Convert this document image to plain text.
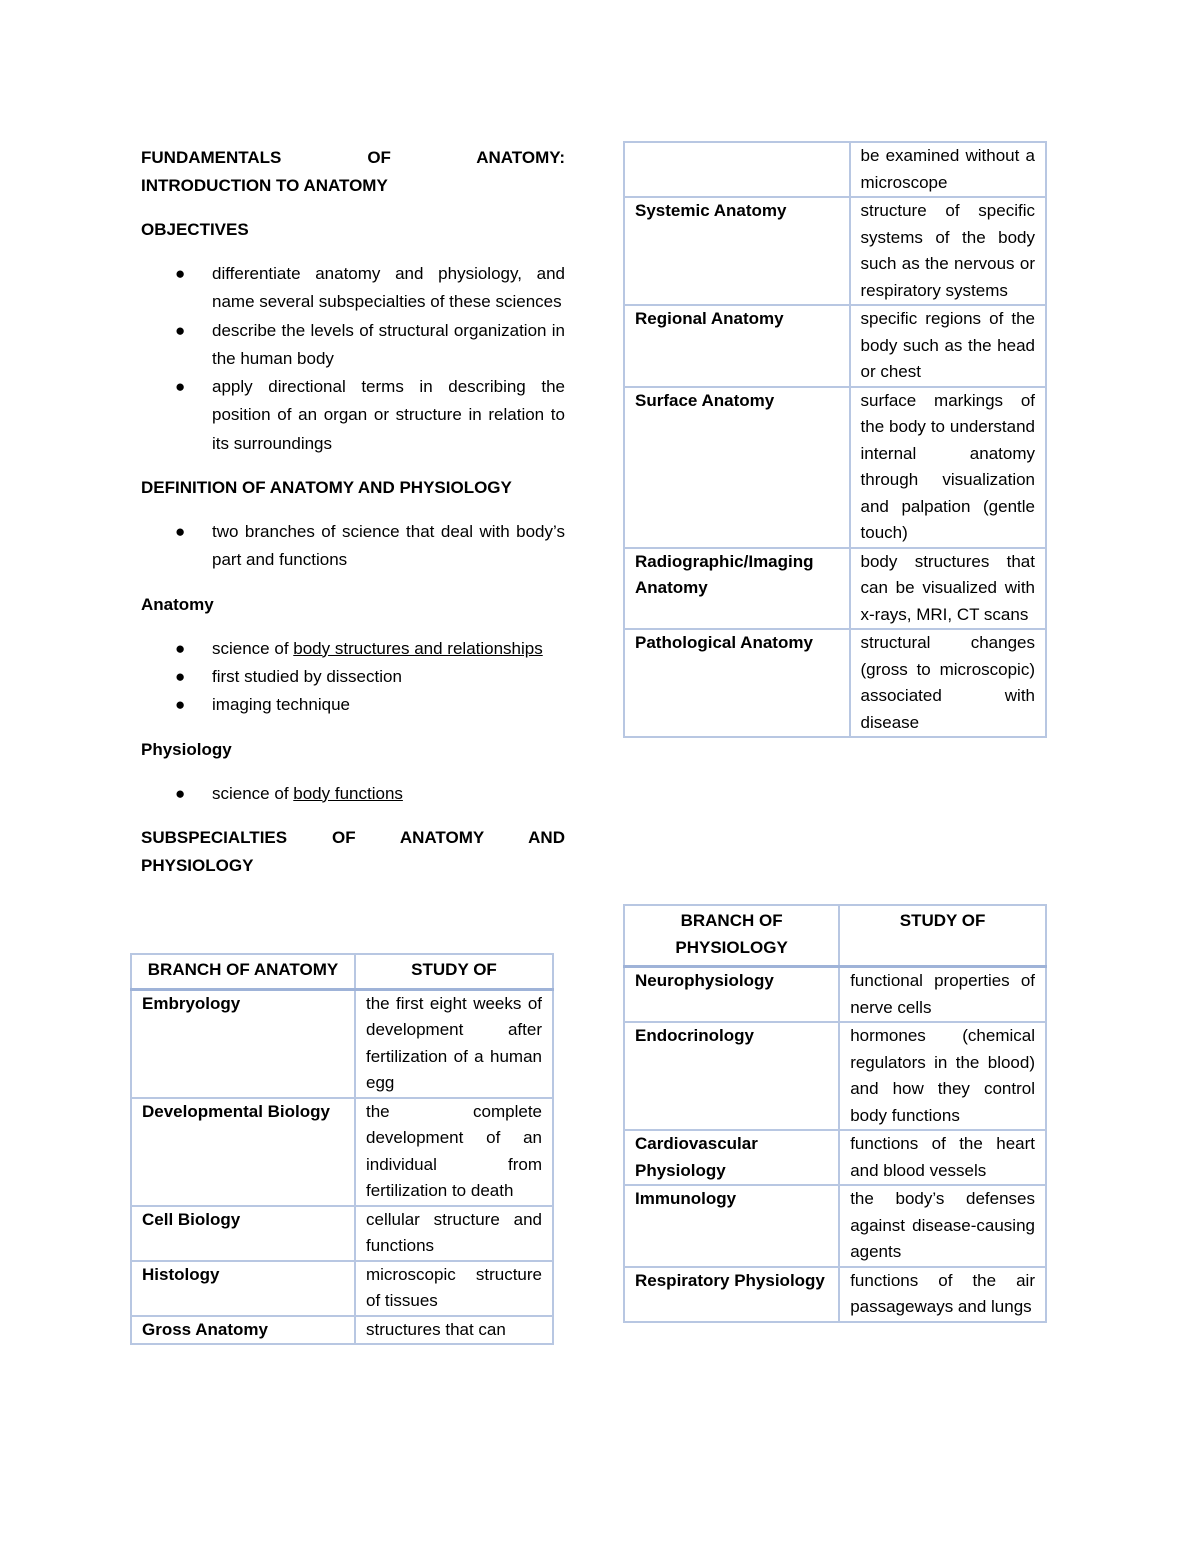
FUNDAMENTALS	OF	ANATOMY:

INTRODUCTION TO ANATOMY

OBJECTIVES

● differentiate anatomy and physiology, and name several subspecialties of these sciences
● describe the levels of structural organization in the human body
● apply directional terms in describing the position of an organ or structure in relation to its surroundings

DEFINITION OF ANATOMY AND PHYSIOLOGY

● two branches of science that deal with body’s part and functions

Anatomy

● science of body structures and relationships
● first studied by dissection
● imaging technique

Physiology

● science of body functions

SUBSPECIALTIES	OF	ANATOMY	AND

PHYSIOLOGY

BRANCH OF ANATOMY	STUDY OF
Embryology	the first eight weeks of development after fertilization of a human egg
Developmental Biology	the complete development of an individual from fertilization to death
Cell Biology	cellular structure and functions
Histology	microscopic structure of tissues
Gross Anatomy	structures that can
	be examined without a microscope
Systemic Anatomy	structure of specific systems of the body such as the nervous or respiratory systems
Regional Anatomy	specific regions of the body such as the head or chest
Surface Anatomy	surface markings of the body to understand internal anatomy through visualization and palpation (gentle touch)
Radiographic/Imaging Anatomy	body structures that can be visualized with x-rays, MRI, CT scans
Pathological Anatomy	structural changes (gross to microscopic) associated with disease
BRANCH OF PHYSIOLOGY	STUDY OF
Neurophysiology	functional properties of nerve cells
Endocrinology	hormones (chemical regulators in the blood) and how they control body functions
Cardiovascular Physiology	functions of the heart and blood vessels
Immunology	the body’s defenses against disease-causing agents
Respiratory Physiology	functions of the air passageways and lungs
